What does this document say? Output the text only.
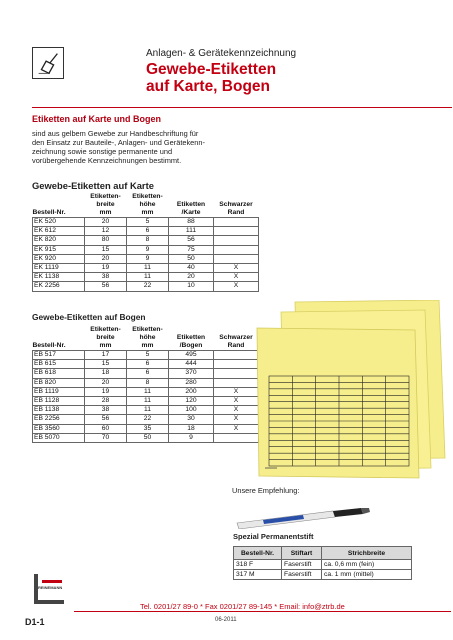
Anlagen- & Gerätekennzeichnung
Gewebe-Etiketten
auf Karte, Bogen
Etiketten auf Karte und Bogen
sind aus gelbem Gewebe zur Handbeschriftung für
den Einsatz zur Bauteile-, Anlagen- und Gerätekenn-
zeichnung sowie sonstige permanente und
vorübergehende Kennzeichnungen bestimmt.
Gewebe-Etiketten auf Karte
	Etiketten-	Etiketten-		
	breite	höhe	Etiketten	Schwarzer
Bestell-Nr.	mm	mm	/Karte	Rand
EK 520	20	5	88	
EK 612	12	6	111	
EK 820	80	8	56	
EK 915	15	9	75	
EK 920	20	9	50	
EK 1119	19	11	40	X
EK 1138	38	11	20	X
EK 2256	56	22	10	X
Gewebe-Etiketten auf Bogen
	Etiketten-	Etiketten-		
	breite	höhe	Etiketten	Schwarzer
Bestell-Nr.	mm	mm	/Bogen	Rand
EB 517	17	5	495	
EB 615	15	6	444	
EB 618	18	6	370	
EB 820	20	8	280	
EB 1119	19	11	200	X
EB 1128	28	11	120	X
EB 1138	38	11	100	X
EB 2256	56	22	30	X
EB 3560	60	35	18	X
EB 5070	70	50	9	
Unsere Empfehlung:
Spezial Permanentstift
Bestell-Nr.	Stiftart	Strichbreite
318 F	Faserstift	ca. 0,6 mm (fein)
317 M	Faserstift	ca. 1 mm (mittel)
REINEMANN
Tel. 0201/27 89-0 * Fax 0201/27 89-145 * Email: info@ztrb.de
D1-1	06-2011
